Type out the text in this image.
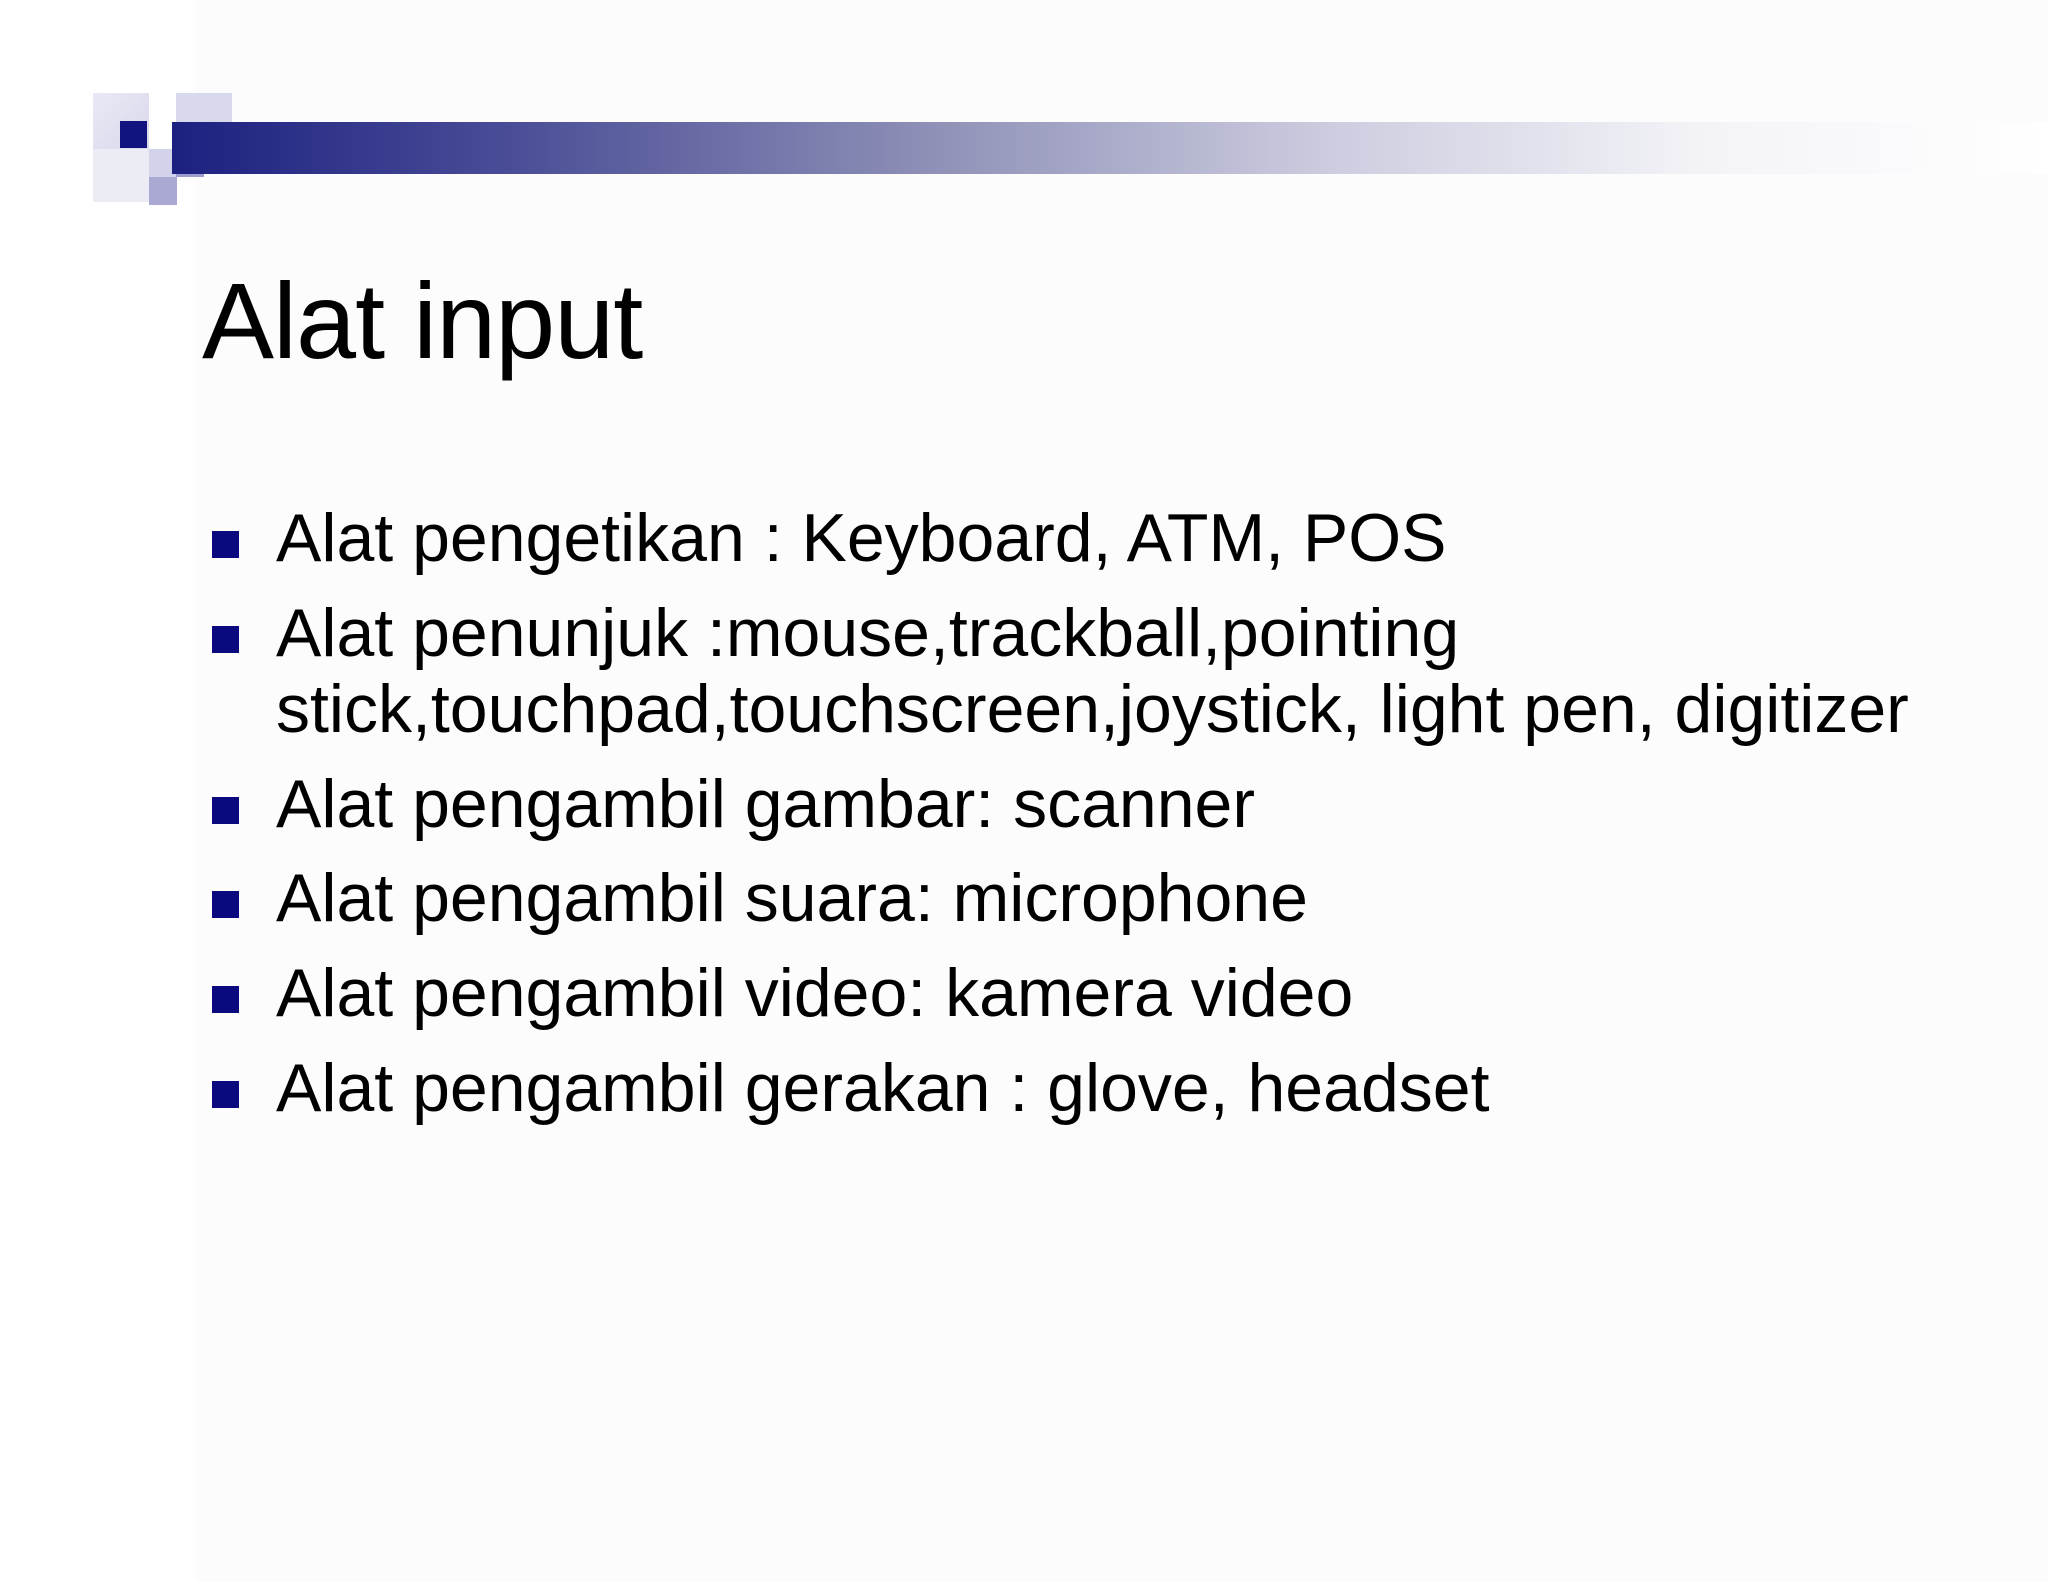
Alat input
Alat pengetikan : Keyboard, ATM, POS
Alat penunjuk :mouse,trackball,pointing stick,touchpad,touchscreen,joystick, light pen, digitizer
Alat pengambil gambar: scanner
Alat pengambil suara: microphone
Alat pengambil video: kamera video
Alat pengambil gerakan : glove, headset
